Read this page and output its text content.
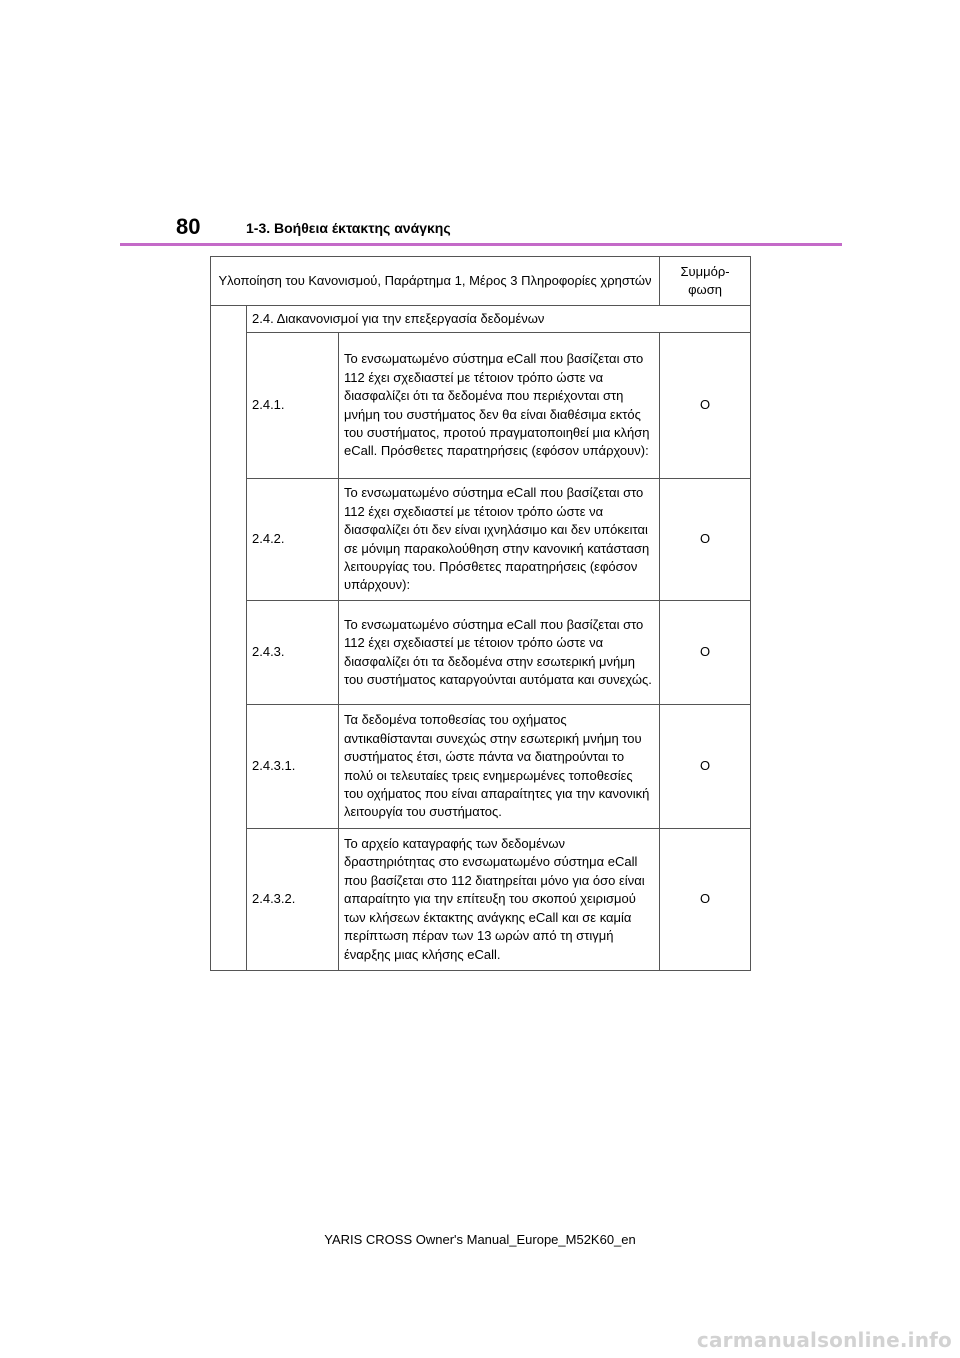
80	1-3. Βοήθεια έκτακτης ανάγκης
Υλοποίηση του Κανονισμού, Παράρτημα 1, Μέρος 3 Πληροφορίες χρηστών			Συμμόρ-φωση
	2.4. Διακανονισμοί για την επεξεργασία δεδομένων		
	2.4.1.	Το ενσωματωμένο σύστημα eCall που βασίζεται στο 112 έχει σχεδιαστεί με τέτοιον τρόπο ώστε να διασφαλίζει ότι τα δεδομένα που περιέχονται στη μνήμη του συστήματος δεν θα είναι διαθέσιμα εκτός του συστήματος, προτού πραγματοποιηθεί μια κλήση eCall. Πρόσθετες παρατηρήσεις (εφόσον υπάρχουν):	O
	2.4.2.	Το ενσωματωμένο σύστημα eCall που βασίζεται στο 112 έχει σχεδιαστεί με τέτοιον τρόπο ώστε να διασφαλίζει ότι δεν είναι ιχνηλάσιμο και δεν υπόκειται σε μόνιμη παρακολούθηση στην κανονική κατάσταση λειτουργίας του. Πρόσθετες παρατηρήσεις (εφόσον υπάρχουν):	O
	2.4.3.	Το ενσωματωμένο σύστημα eCall που βασίζεται στο 112 έχει σχεδιαστεί με τέτοιον τρόπο ώστε να διασφαλίζει ότι τα δεδομένα στην εσωτερική μνήμη του συστήματος καταργούνται αυτόματα και συνεχώς.	O
	2.4.3.1.	Τα δεδομένα τοποθεσίας του οχήματος αντικαθίστανται συνεχώς στην εσωτερική μνήμη του συστήματος έτσι, ώστε πάντα να διατηρούνται το πολύ οι τελευταίες τρεις ενημερωμένες τοποθεσίες του οχήματος που είναι απαραίτητες για την κανονική λειτουργία του συστήματος.	O
	2.4.3.2.	Το αρχείο καταγραφής των δεδομένων δραστηριότητας στο ενσωματωμένο σύστημα eCall που βασίζεται στο 112 διατηρείται μόνο για όσο είναι απαραίτητο για την επίτευξη του σκοπού χειρισμού των κλήσεων έκτακτης ανάγκης eCall και σε καμία περίπτωση πέραν των 13 ωρών από τη στιγμή έναρξης μιας κλήσης eCall.	O
YARIS CROSS Owner's Manual_Europe_M52K60_en
carmanualsonline.info
